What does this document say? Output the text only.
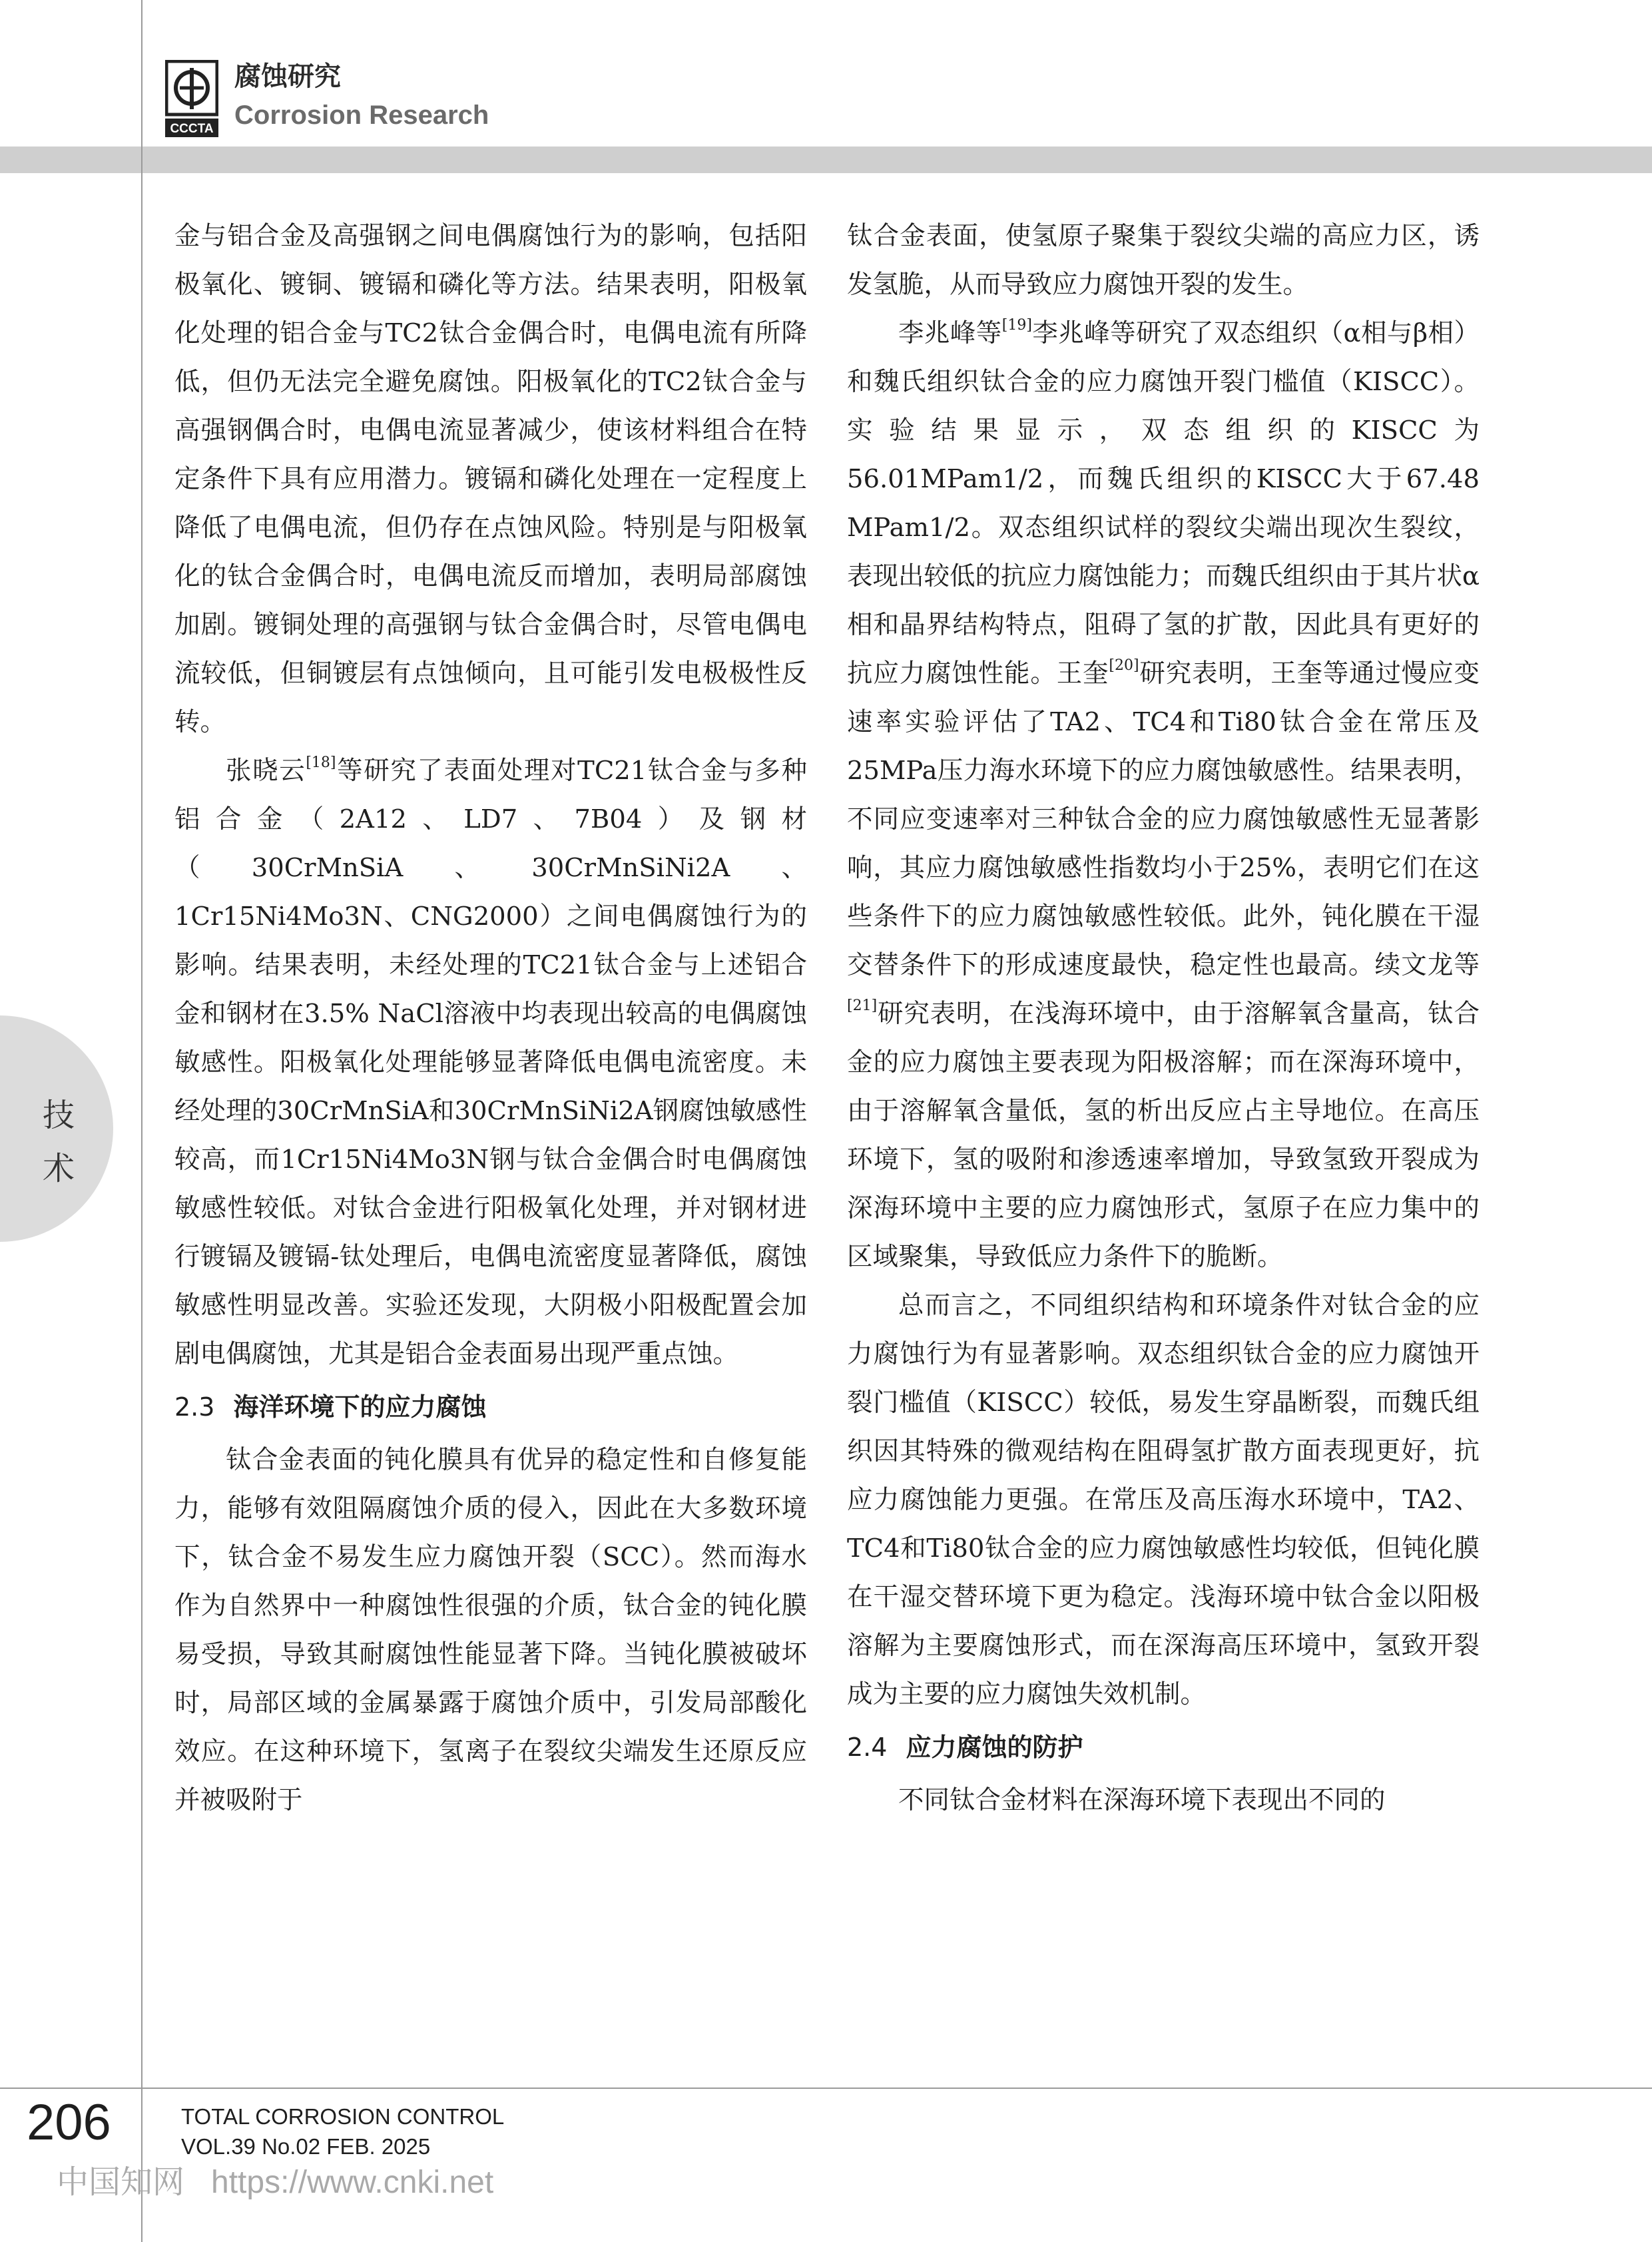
CCCTA
腐蚀研究
Corrosion Research
技
术

金与铝合金及高强钢之间电偶腐蚀行为的影响，包括阳极氧化、镀铜、镀镉和磷化等方法。结果表明，阳极氧化处理的铝合金与TC2钛合金偶合时，电偶电流有所降低，但仍无法完全避免腐蚀。阳极氧化的TC2钛合金与高强钢偶合时，电偶电流显著减少，使该材料组合在特定条件下具有应用潜力。镀镉和磷化处理在一定程度上降低了电偶电流，但仍存在点蚀风险。特别是与阳极氧化的钛合金偶合时，电偶电流反而增加，表明局部腐蚀加剧。镀铜处理的高强钢与钛合金偶合时，尽管电偶电流较低，但铜镀层有点蚀倾向，且可能引发电极极性反转。

张晓云[18]等研究了表面处理对TC21钛合金与多种铝合金（2A12、LD7、7B04）及钢材（30CrMnSiA、30CrMnSiNi2A、1Cr15Ni4Mo3N、CNG2000）之间电偶腐蚀行为的影响。结果表明，未经处理的TC21钛合金与上述铝合金和钢材在3.5% NaCl溶液中均表现出较高的电偶腐蚀敏感性。阳极氧化处理能够显著降低电偶电流密度。未经处理的30CrMnSiA和30CrMnSiNi2A钢腐蚀敏感性较高，而1Cr15Ni4Mo3N钢与钛合金偶合时电偶腐蚀敏感性较低。对钛合金进行阳极氧化处理，并对钢材进行镀镉及镀镉-钛处理后，电偶电流密度显著降低，腐蚀敏感性明显改善。实验还发现，大阴极小阳极配置会加剧电偶腐蚀，尤其是铝合金表面易出现严重点蚀。

2.3 海洋环境下的应力腐蚀

钛合金表面的钝化膜具有优异的稳定性和自修复能力，能够有效阻隔腐蚀介质的侵入，因此在大多数环境下，钛合金不易发生应力腐蚀开裂（SCC）。然而海水作为自然界中一种腐蚀性很强的介质，钛合金的钝化膜易受损，导致其耐腐蚀性能显著下降。当钝化膜被破坏时，局部区域的金属暴露于腐蚀介质中，引发局部酸化效应。在这种环境下，氢离子在裂纹尖端发生还原反应并被吸附于

钛合金表面，使氢原子聚集于裂纹尖端的高应力区，诱发氢脆，从而导致应力腐蚀开裂的发生。

李兆峰等[19]李兆峰等研究了双态组织（α相与β相）和魏氏组织钛合金的应力腐蚀开裂门槛值（KISCC）。实验结果显示，双态组织的KISCC为56.01MPam1/2，而魏氏组织的KISCC大于67.48 MPam1/2。双态组织试样的裂纹尖端出现次生裂纹，表现出较低的抗应力腐蚀能力；而魏氏组织由于其片状α相和晶界结构特点，阻碍了氢的扩散，因此具有更好的抗应力腐蚀性能。王奎[20]研究表明，王奎等通过慢应变速率实验评估了TA2、TC4和Ti80钛合金在常压及25MPa压力海水环境下的应力腐蚀敏感性。结果表明，不同应变速率对三种钛合金的应力腐蚀敏感性无显著影响，其应力腐蚀敏感性指数均小于25%，表明它们在这些条件下的应力腐蚀敏感性较低。此外，钝化膜在干湿交替条件下的形成速度最快，稳定性也最高。续文龙等[21]研究表明，在浅海环境中，由于溶解氧含量高，钛合金的应力腐蚀主要表现为阳极溶解；而在深海环境中，由于溶解氧含量低，氢的析出反应占主导地位。在高压环境下，氢的吸附和渗透速率增加，导致氢致开裂成为深海环境中主要的应力腐蚀形式，氢原子在应力集中的区域聚集，导致低应力条件下的脆断。

总而言之，不同组织结构和环境条件对钛合金的应力腐蚀行为有显著影响。双态组织钛合金的应力腐蚀开裂门槛值（KISCC）较低，易发生穿晶断裂，而魏氏组织因其特殊的微观结构在阻碍氢扩散方面表现更好，抗应力腐蚀能力更强。在常压及高压海水环境中，TA2、TC4和Ti80钛合金的应力腐蚀敏感性均较低，但钝化膜在干湿交替环境下更为稳定。浅海环境中钛合金以阳极溶解为主要腐蚀形式，而在深海高压环境中，氢致开裂成为主要的应力腐蚀失效机制。

2.4 应力腐蚀的防护

不同钛合金材料在深海环境下表现出不同的

206	TOTAL CORROSION CONTROL
VOL.39 No.02 FEB. 2025
中国知网 https://www.cnki.net
